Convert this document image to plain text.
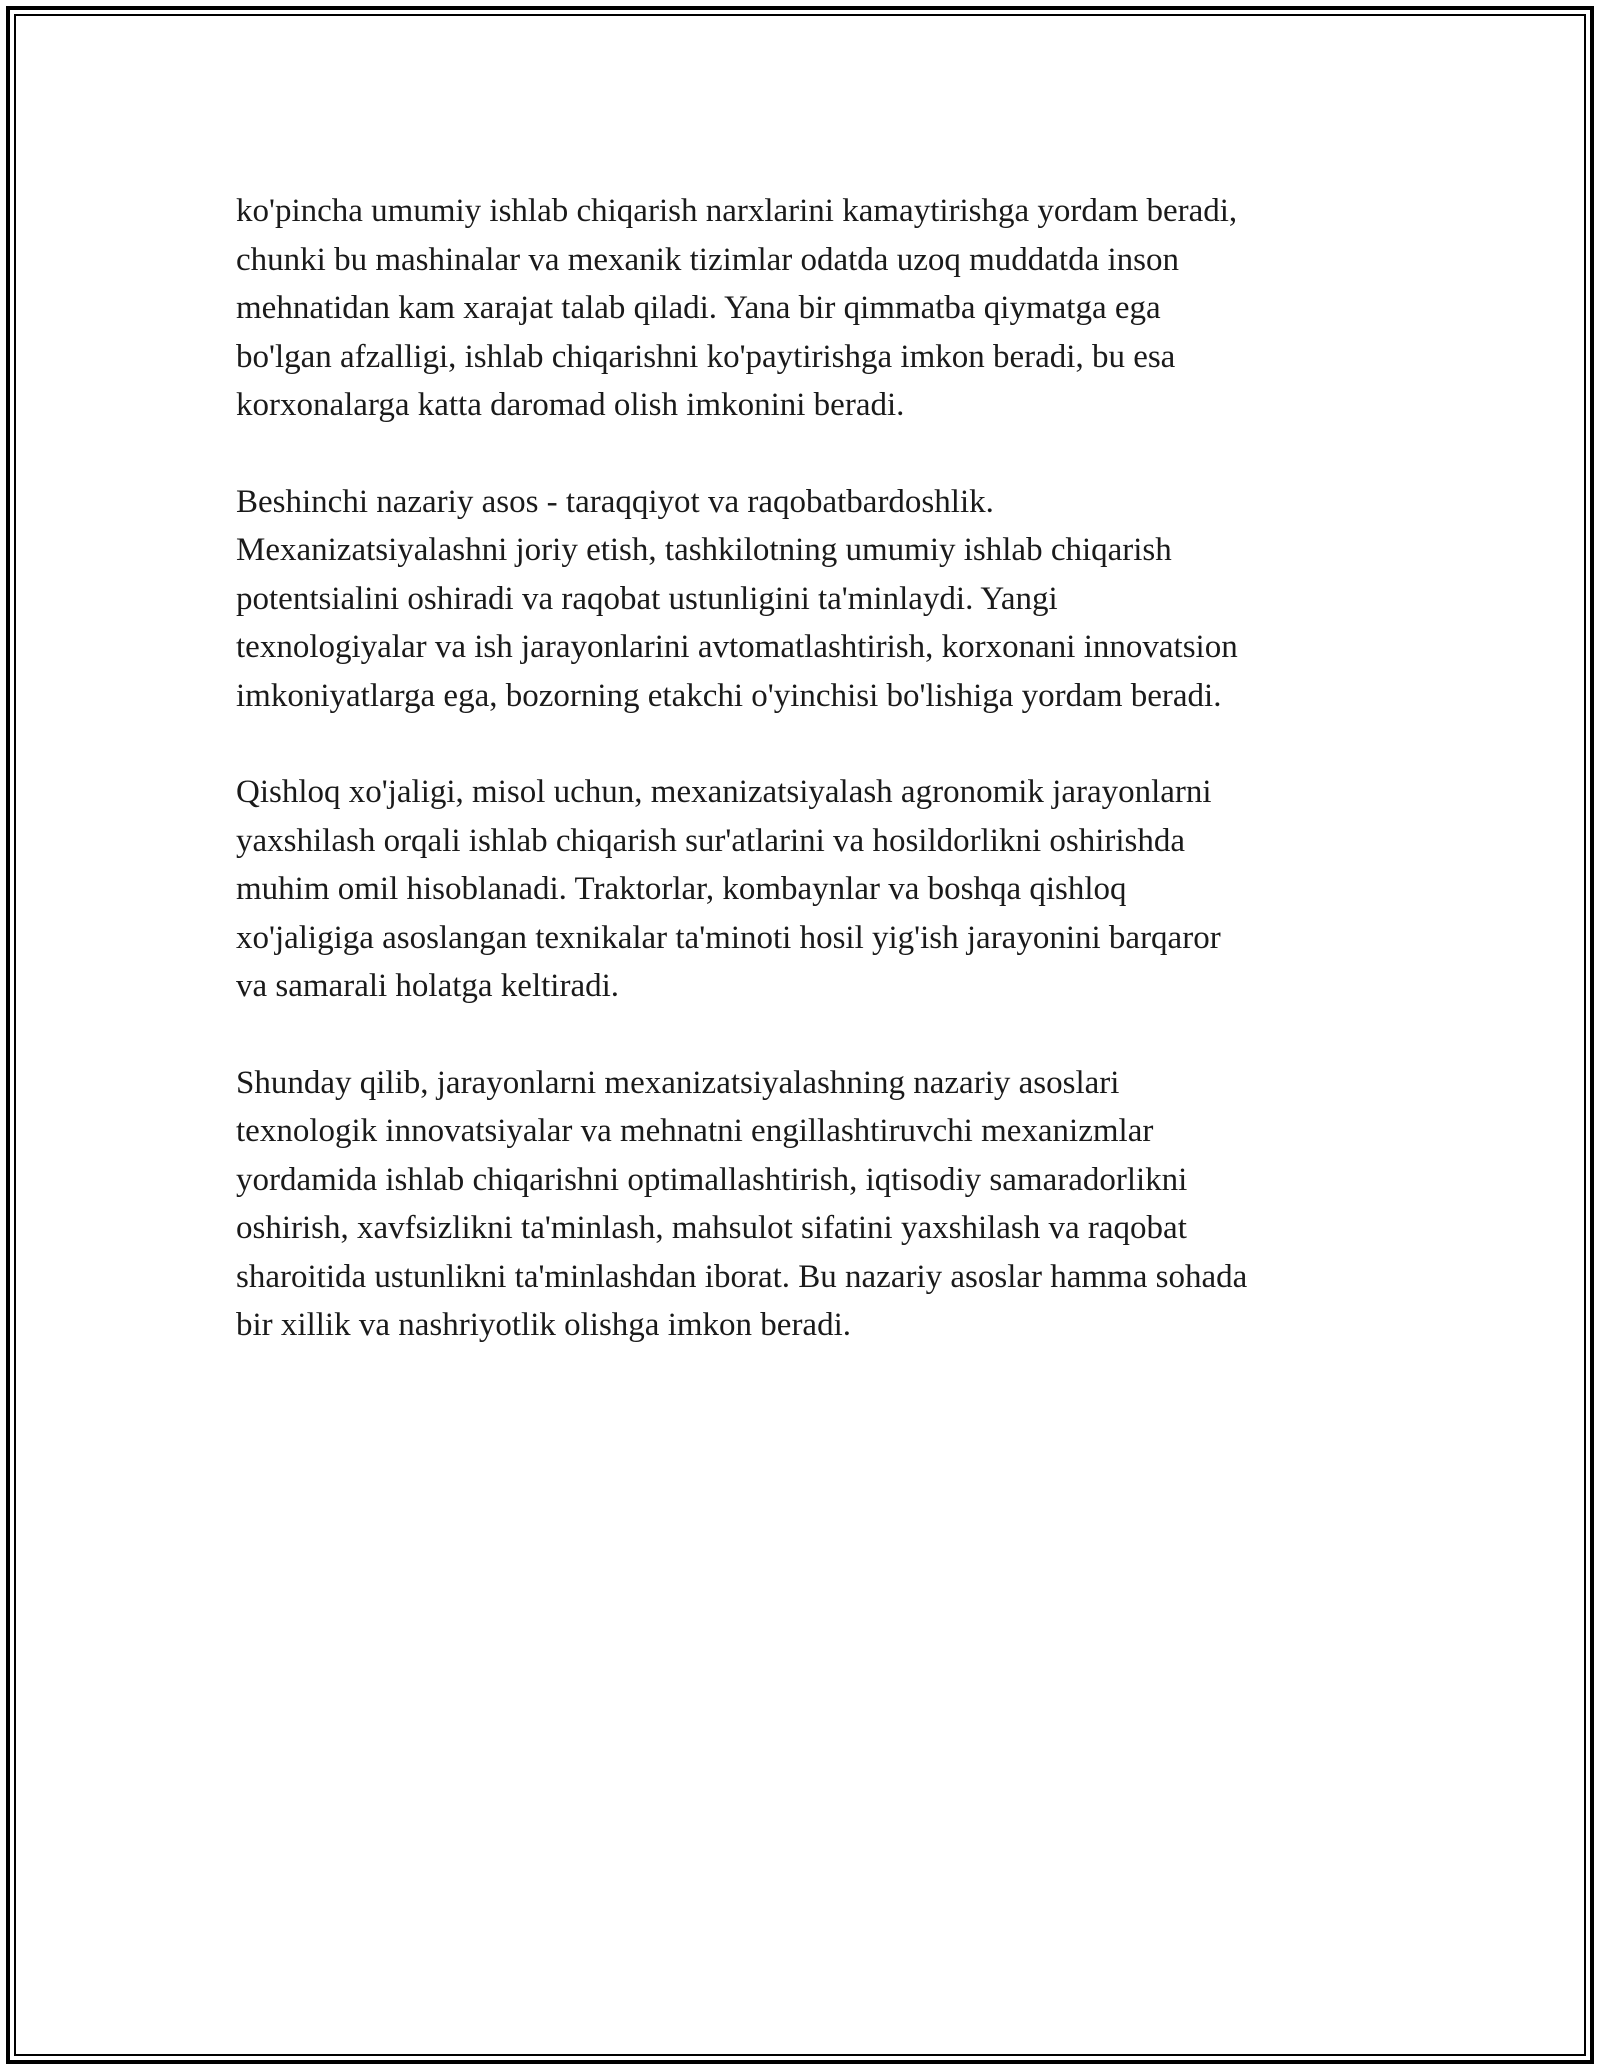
ko'pincha umumiy ishlab chiqarish narxlarini kamaytirishga yordam beradi,
chunki bu mashinalar va mexanik tizimlar odatda uzoq muddatda inson
mehnatidan kam xarajat talab qiladi. Yana bir qimmatba qiymatga ega
bo'lgan afzalligi, ishlab chiqarishni ko'paytirishga imkon beradi, bu esa
korxonalarga katta daromad olish imkonini beradi.

Beshinchi nazariy asos - taraqqiyot va raqobatbardoshlik.
Mexanizatsiyalashni joriy etish, tashkilotning umumiy ishlab chiqarish
potentsialini oshiradi va raqobat ustunligini ta'minlaydi. Yangi
texnologiyalar va ish jarayonlarini avtomatlashtirish, korxonani innovatsion
imkoniyatlarga ega, bozorning etakchi o'yinchisi bo'lishiga yordam beradi.

Qishloq xo'jaligi, misol uchun, mexanizatsiyalash agronomik jarayonlarni
yaxshilash orqali ishlab chiqarish sur'atlarini va hosildorlikni oshirishda
muhim omil hisoblanadi. Traktorlar, kombaynlar va boshqa qishloq
xo'jaligiga asoslangan texnikalar ta'minoti hosil yig'ish jarayonini barqaror
va samarali holatga keltiradi.

Shunday qilib, jarayonlarni mexanizatsiyalashning nazariy asoslari
texnologik innovatsiyalar va mehnatni engillashtiruvchi mexanizmlar
yordamida ishlab chiqarishni optimallashtirish, iqtisodiy samaradorlikni
oshirish, xavfsizlikni ta'minlash, mahsulot sifatini yaxshilash va raqobat
sharoitida ustunlikni ta'minlashdan iborat. Bu nazariy asoslar hamma sohada
bir xillik va nashriyotlik olishga imkon beradi.
